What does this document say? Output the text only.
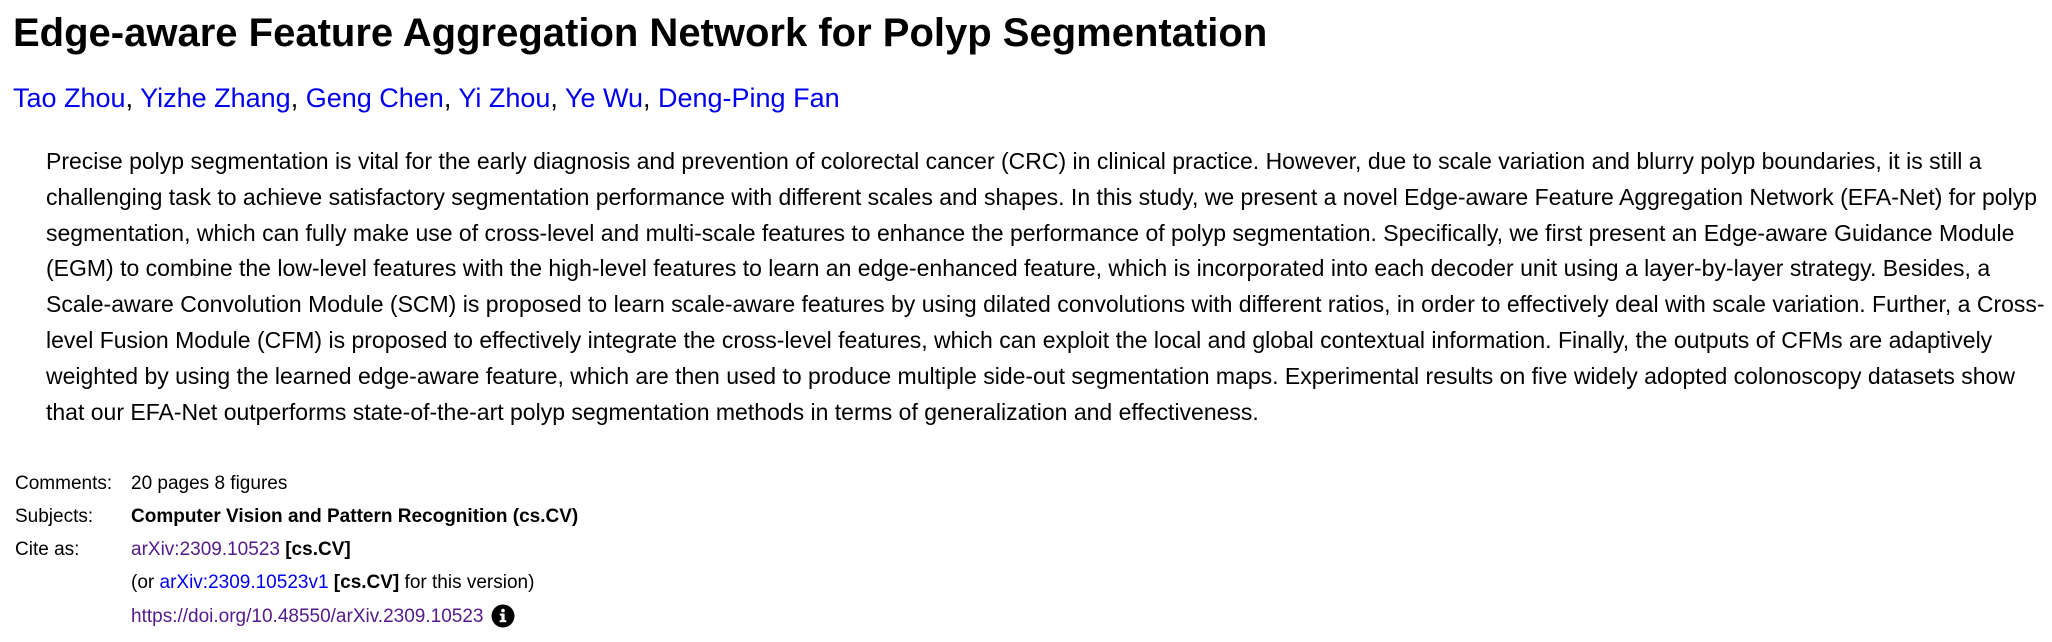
Edge-aware Feature Aggregation Network for Polyp Segmentation
Tao Zhou, Yizhe Zhang, Geng Chen, Yi Zhou, Ye Wu, Deng-Ping Fan

Precise polyp segmentation is vital for the early diagnosis and prevention of colorectal cancer (CRC) in clinical practice. However, due to scale variation and blurry polyp boundaries, it is still a challenging task to achieve satisfactory segmentation performance with different scales and shapes. In this study, we present a novel Edge-aware Feature Aggregation Network (EFA-Net) for polyp segmentation, which can fully make use of cross-level and multi-scale features to enhance the performance of polyp segmentation. Specifically, we first present an Edge-aware Guidance Module (EGM) to combine the low-level features with the high-level features to learn an edge-enhanced feature, which is incorporated into each decoder unit using a layer-by-layer strategy. Besides, a Scale-aware Convolution Module (SCM) is proposed to learn scale-aware features by using dilated convolutions with different ratios, in order to effectively deal with scale variation. Further, a Cross-level Fusion Module (CFM) is proposed to effectively integrate the cross-level features, which can exploit the local and global contextual information. Finally, the outputs of CFMs are adaptively weighted by using the learned edge-aware feature, which are then used to produce multiple side-out segmentation maps. Experimental results on five widely adopted colonoscopy datasets show that our EFA-Net outperforms state-of-the-art polyp segmentation methods in terms of generalization and effectiveness.

Comments:	20 pages 8 figures
Subjects:	Computer Vision and Pattern Recognition (cs.CV)
Cite as:	arXiv:2309.10523 [cs.CV]
	(or arXiv:2309.10523v1 [cs.CV] for this version)
	https://doi.org/10.48550/arXiv.2309.10523
